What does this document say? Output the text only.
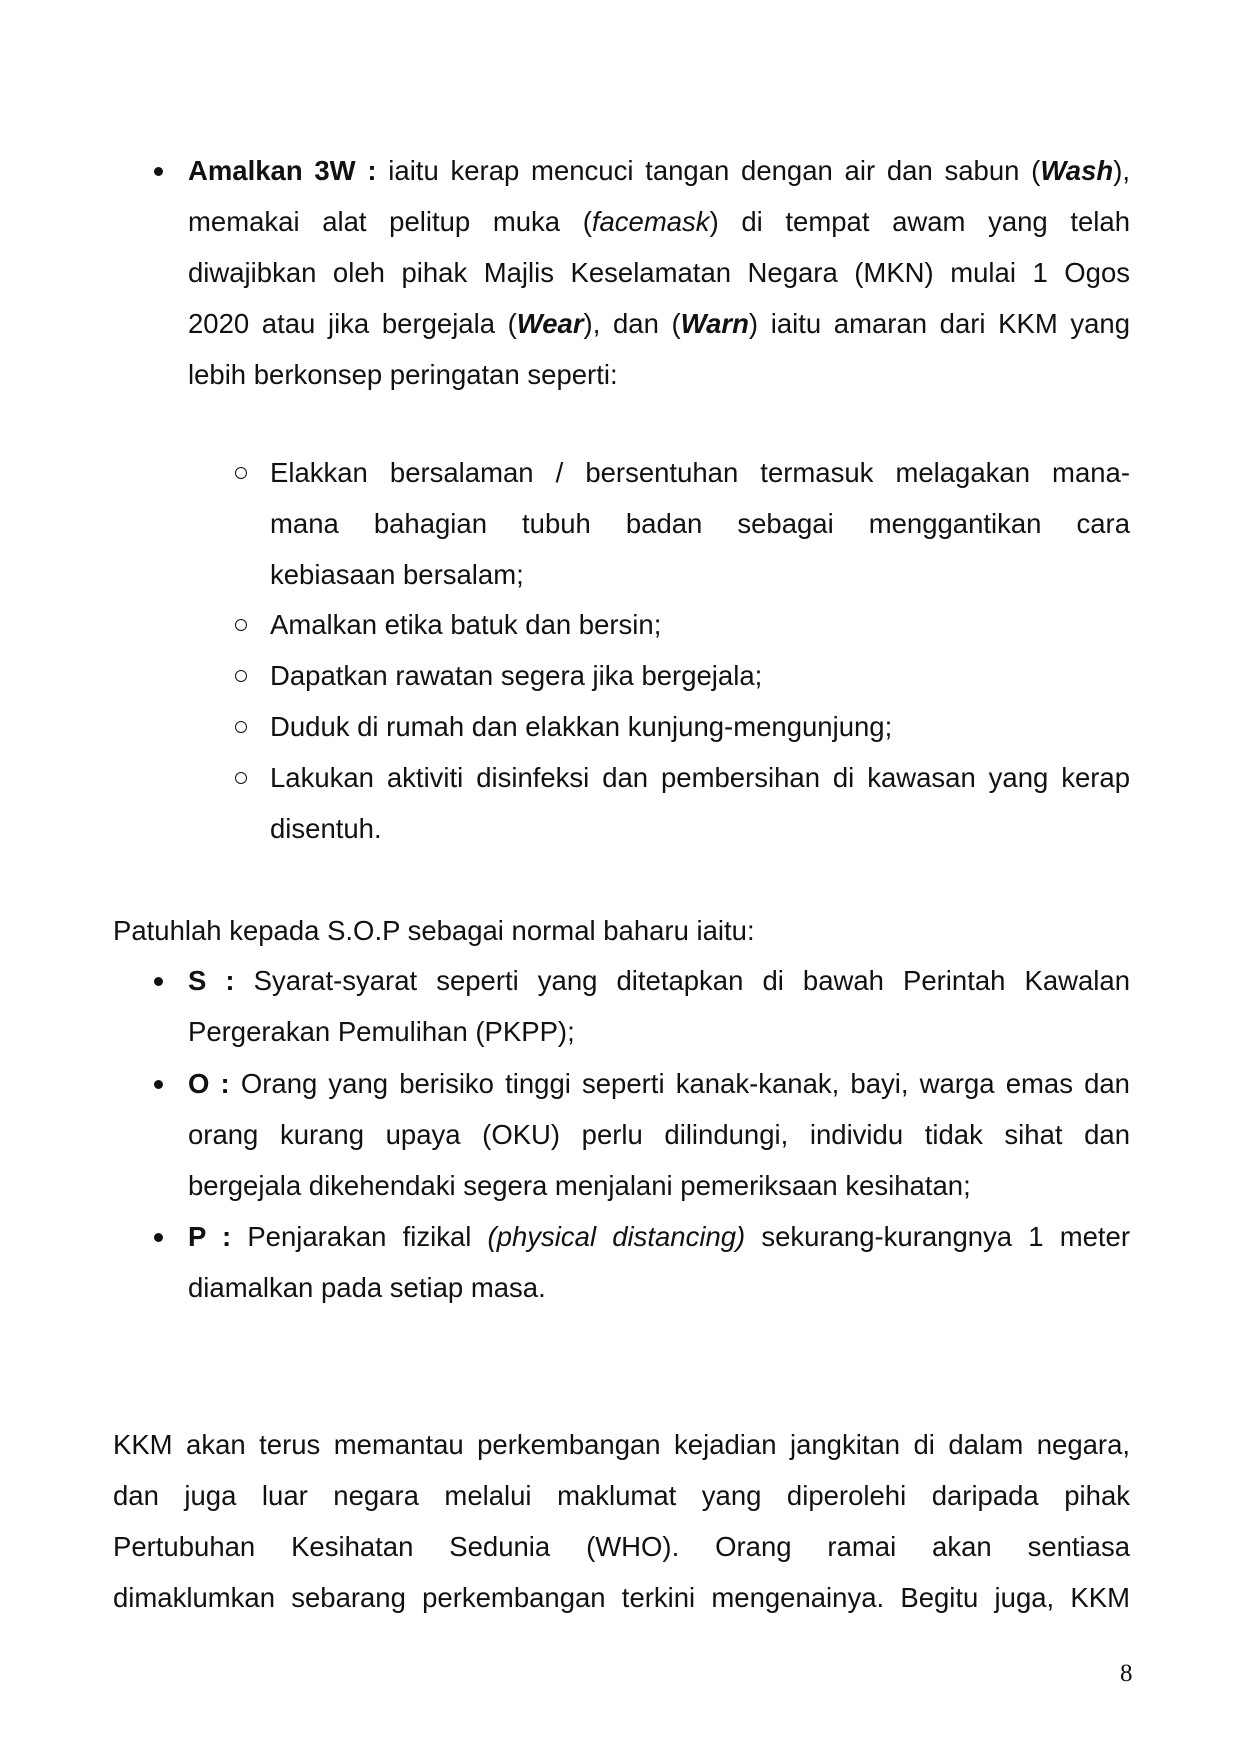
Amalkan 3W : iaitu kerap mencuci tangan dengan air dan sabun (Wash),
memakai alat pelitup muka (facemask) di tempat awam yang telah
diwajibkan oleh pihak Majlis Keselamatan Negara (MKN) mulai 1 Ogos
2020 atau jika bergejala (Wear), dan (Warn) iaitu amaran dari KKM yang
lebih berkonsep peringatan seperti:
Elakkan bersalaman / bersentuhan termasuk melagakan mana-
mana bahagian tubuh badan sebagai menggantikan cara
kebiasaan bersalam;
Amalkan etika batuk dan bersin;
Dapatkan rawatan segera jika bergejala;
Duduk di rumah dan elakkan kunjung-mengunjung;
Lakukan aktiviti disinfeksi dan pembersihan di kawasan yang kerap
disentuh.
Patuhlah kepada S.O.P sebagai normal baharu iaitu:
S : Syarat-syarat seperti yang ditetapkan di bawah Perintah Kawalan
Pergerakan Pemulihan (PKPP);
O : Orang yang berisiko tinggi seperti kanak-kanak, bayi, warga emas dan
orang kurang upaya (OKU) perlu dilindungi, individu tidak sihat dan
bergejala dikehendaki segera menjalani pemeriksaan kesihatan;
P : Penjarakan fizikal (physical distancing) sekurang-kurangnya 1 meter
diamalkan pada setiap masa.
KKM akan terus memantau perkembangan kejadian jangkitan di dalam negara,
dan juga luar negara melalui maklumat yang diperolehi daripada pihak
Pertubuhan Kesihatan Sedunia (WHO). Orang ramai akan sentiasa
dimaklumkan sebarang perkembangan terkini mengenainya. Begitu juga, KKM
8
